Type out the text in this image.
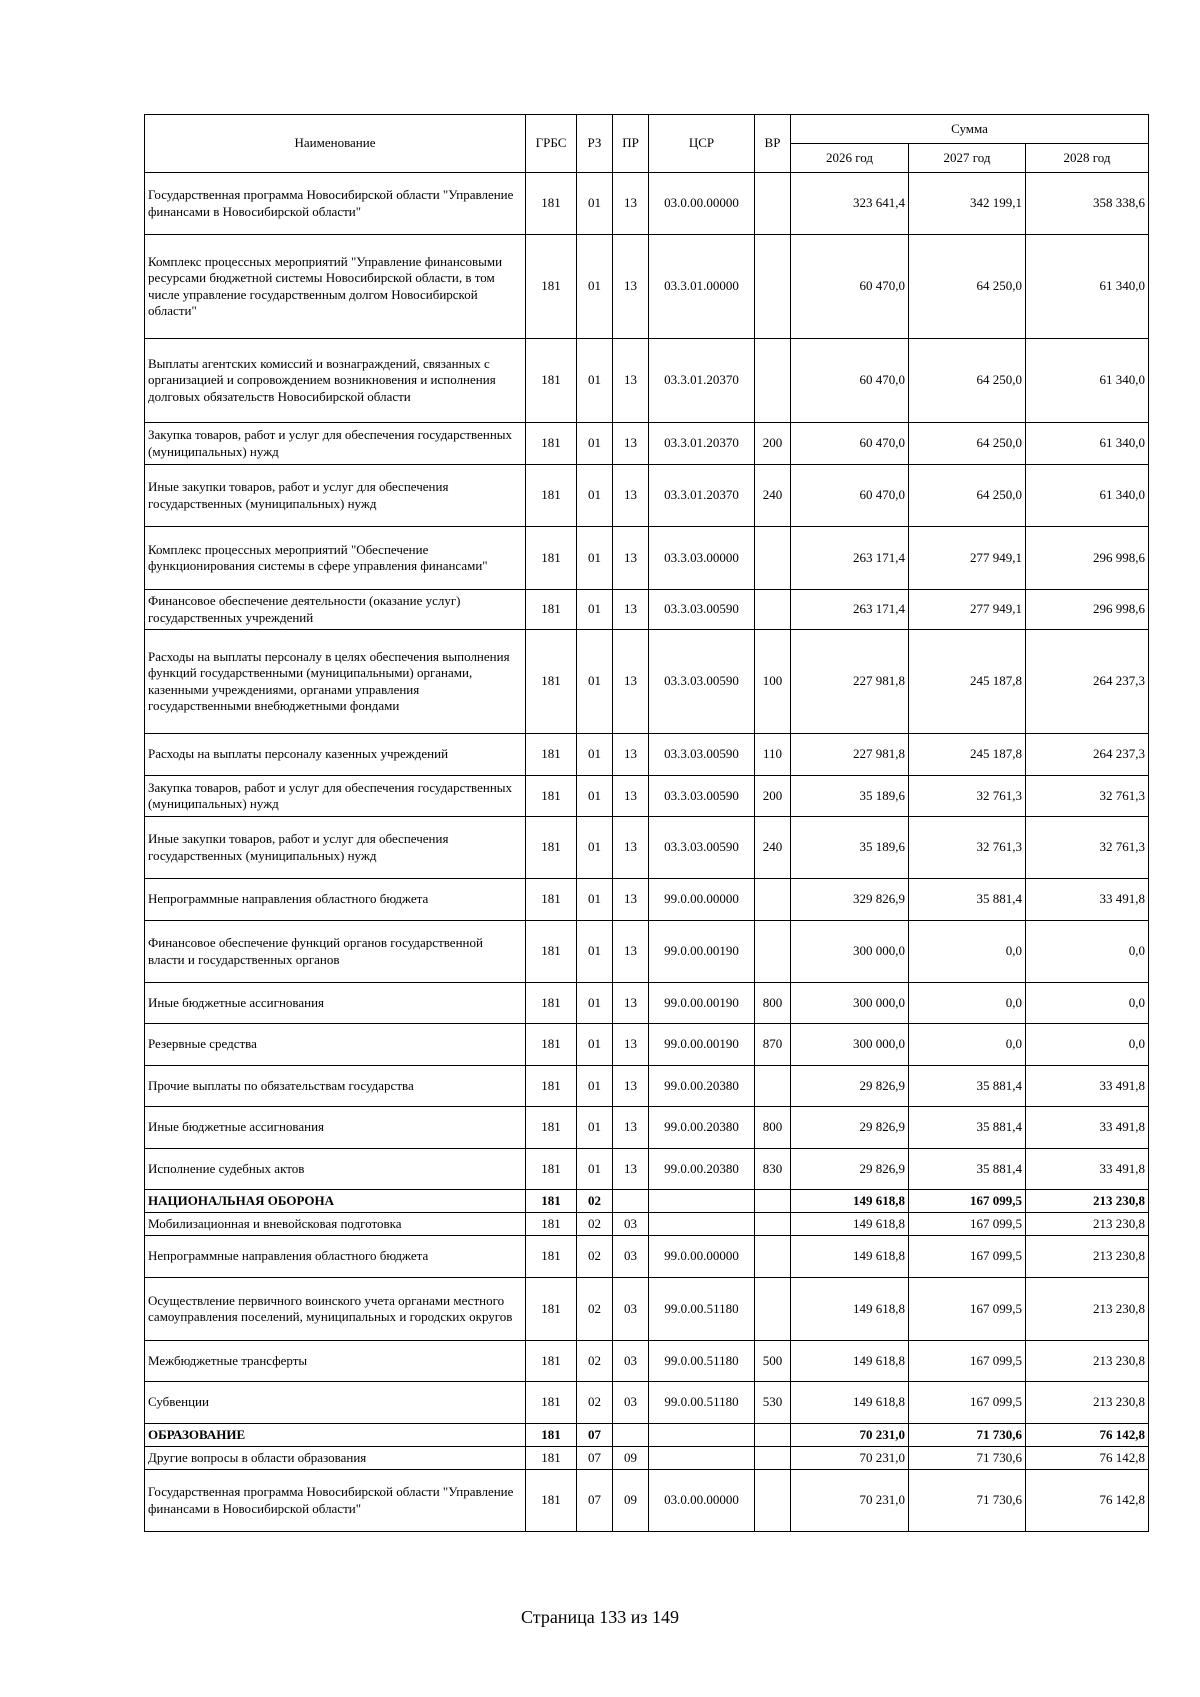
Наименование	ГРБС	РЗ	ПР	ЦСР	ВР	Сумма		
						2026 год	2027 год	2028 год
Государственная программа Новосибирской области "Управление финансами в Новосибирской области"	181	01	13	03.0.00.00000		323 641,4	342 199,1	358 338,6
Комплекс процессных мероприятий "Управление финансовыми ресурсами бюджетной системы Новосибирской области, в том числе управление государственным долгом Новосибирской области"	181	01	13	03.3.01.00000		60 470,0	64 250,0	61 340,0
Выплаты агентских комиссий и вознаграждений, связанных с организацией и сопровождением возникновения и исполнения долговых обязательств Новосибирской области	181	01	13	03.3.01.20370		60 470,0	64 250,0	61 340,0
Закупка товаров, работ и услуг для обеспечения государственных (муниципальных) нужд	181	01	13	03.3.01.20370	200	60 470,0	64 250,0	61 340,0
Иные закупки товаров, работ и услуг для обеспечения государственных (муниципальных) нужд	181	01	13	03.3.01.20370	240	60 470,0	64 250,0	61 340,0
Комплекс процессных мероприятий "Обеспечение функционирования системы в сфере управления финансами"	181	01	13	03.3.03.00000		263 171,4	277 949,1	296 998,6
Финансовое обеспечение деятельности (оказание услуг) государственных учреждений	181	01	13	03.3.03.00590		263 171,4	277 949,1	296 998,6
Расходы на выплаты персоналу в целях обеспечения выполнения функций государственными (муниципальными) органами, казенными учреждениями, органами управления государственными внебюджетными фондами	181	01	13	03.3.03.00590	100	227 981,8	245 187,8	264 237,3
Расходы на выплаты персоналу казенных учреждений	181	01	13	03.3.03.00590	110	227 981,8	245 187,8	264 237,3
Закупка товаров, работ и услуг для обеспечения государственных (муниципальных) нужд	181	01	13	03.3.03.00590	200	35 189,6	32 761,3	32 761,3
Иные закупки товаров, работ и услуг для обеспечения государственных (муниципальных) нужд	181	01	13	03.3.03.00590	240	35 189,6	32 761,3	32 761,3
Непрограммные направления областного бюджета	181	01	13	99.0.00.00000		329 826,9	35 881,4	33 491,8
Финансовое обеспечение функций органов государственной власти и государственных органов	181	01	13	99.0.00.00190		300 000,0	0,0	0,0
Иные бюджетные ассигнования	181	01	13	99.0.00.00190	800	300 000,0	0,0	0,0
Резервные средства	181	01	13	99.0.00.00190	870	300 000,0	0,0	0,0
Прочие выплаты по обязательствам государства	181	01	13	99.0.00.20380		29 826,9	35 881,4	33 491,8
Иные бюджетные ассигнования	181	01	13	99.0.00.20380	800	29 826,9	35 881,4	33 491,8
Исполнение судебных актов	181	01	13	99.0.00.20380	830	29 826,9	35 881,4	33 491,8
НАЦИОНАЛЬНАЯ ОБОРОНА	181	02				149 618,8	167 099,5	213 230,8
Мобилизационная и вневойсковая подготовка	181	02	03			149 618,8	167 099,5	213 230,8
Непрограммные направления областного бюджета	181	02	03	99.0.00.00000		149 618,8	167 099,5	213 230,8
Осуществление первичного воинского учета органами местного самоуправления поселений, муниципальных и городских округов	181	02	03	99.0.00.51180		149 618,8	167 099,5	213 230,8
Межбюджетные трансферты	181	02	03	99.0.00.51180	500	149 618,8	167 099,5	213 230,8
Субвенции	181	02	03	99.0.00.51180	530	149 618,8	167 099,5	213 230,8
ОБРАЗОВАНИЕ	181	07				70 231,0	71 730,6	76 142,8
Другие вопросы в области образования	181	07	09			70 231,0	71 730,6	76 142,8
Государственная программа Новосибирской области "Управление финансами в Новосибирской области"	181	07	09	03.0.00.00000		70 231,0	71 730,6	76 142,8
Страница 133 из 149
